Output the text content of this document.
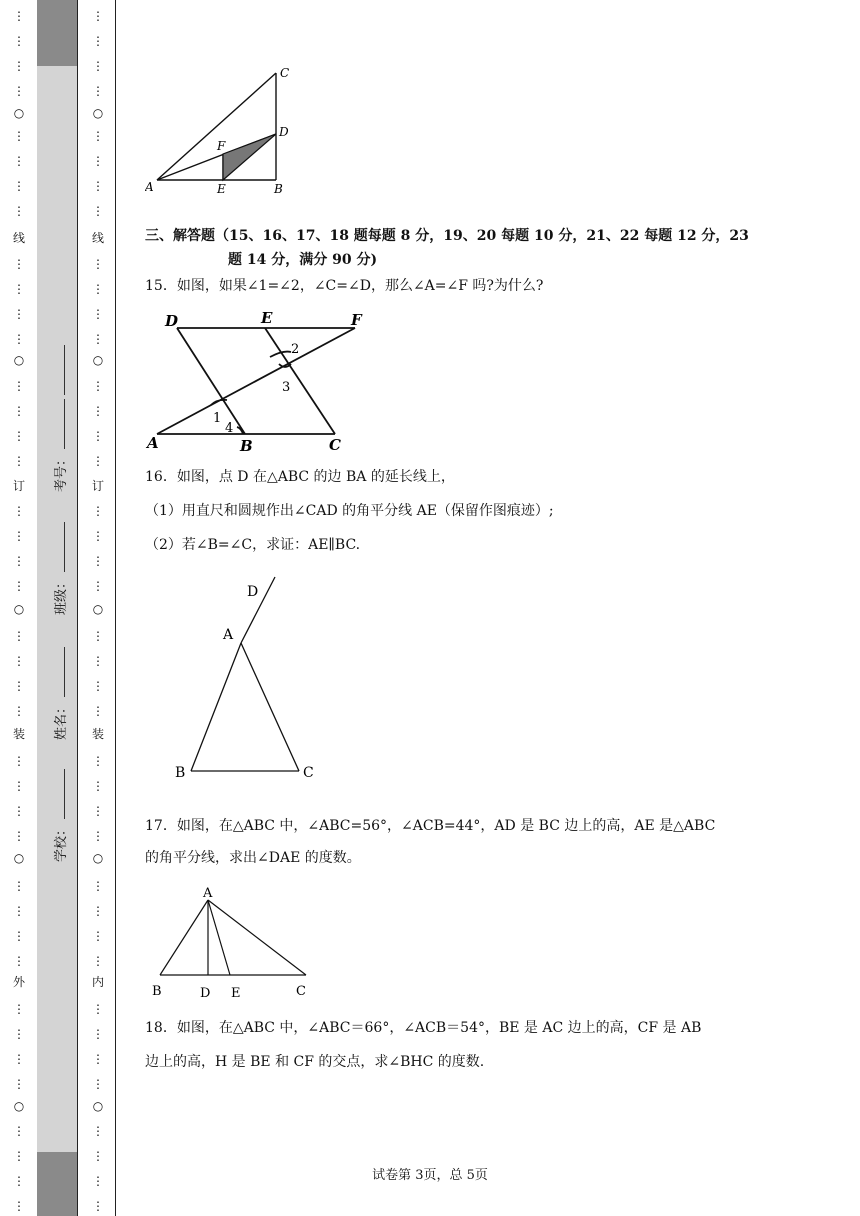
⋮
⋮
⋮
⋮
○
⋮
⋮
⋮
⋮
线
⋮
⋮
⋮
⋮
○
⋮
⋮
⋮
⋮
订
⋮
⋮
⋮
⋮
○
⋮
⋮
⋮
⋮
装
⋮
⋮
⋮
⋮
○
⋮
⋮
⋮
⋮
外
⋮
⋮
⋮
⋮
○
⋮
⋮
⋮
⋮
⋮
⋮
⋮
⋮
○
⋮
⋮
⋮
⋮
线
⋮
⋮
⋮
⋮
○
⋮
⋮
⋮
⋮
订
⋮
⋮
⋮
⋮
○
⋮
⋮
⋮
⋮
装
⋮
⋮
⋮
⋮
○
⋮
⋮
⋮
⋮
内
⋮
⋮
⋮
⋮
○
⋮
⋮
⋮
⋮
考号：
班级：
姓名：
学校：
C
D
F
A	E	B

三、解答题（15、16、17、18 题每题 8 分，19、20 每题 10 分，21、22 每题 12 分，23

题 14 分，满分 90 分)

15．如图，如果∠1=∠2，∠C=∠D，那么∠A=∠F 吗?为什么?

D	E	F
2
3
1
4
A	B	C

16．如图，点 D 在△ABC 的边 BA 的延长线上，

（1）用直尺和圆规作出∠CAD 的角平分线 AE（保留作图痕迹）;

（2）若∠B=∠C，求证：AE∥BC.

D
A
B	C

17．如图，在△ABC 中，∠ABC=56°，∠ACB=44°，AD 是 BC 边上的高，AE 是△ABC

的角平分线，求出∠DAE 的度数。

A
B	D E	C

18．如图，在△ABC 中，∠ABC＝66°，∠ACB＝54°，BE 是 AC 边上的高，CF 是 AB

边上的高，H 是 BE 和 CF 的交点，求∠BHC 的度数.

试卷第 3页，总 5页
